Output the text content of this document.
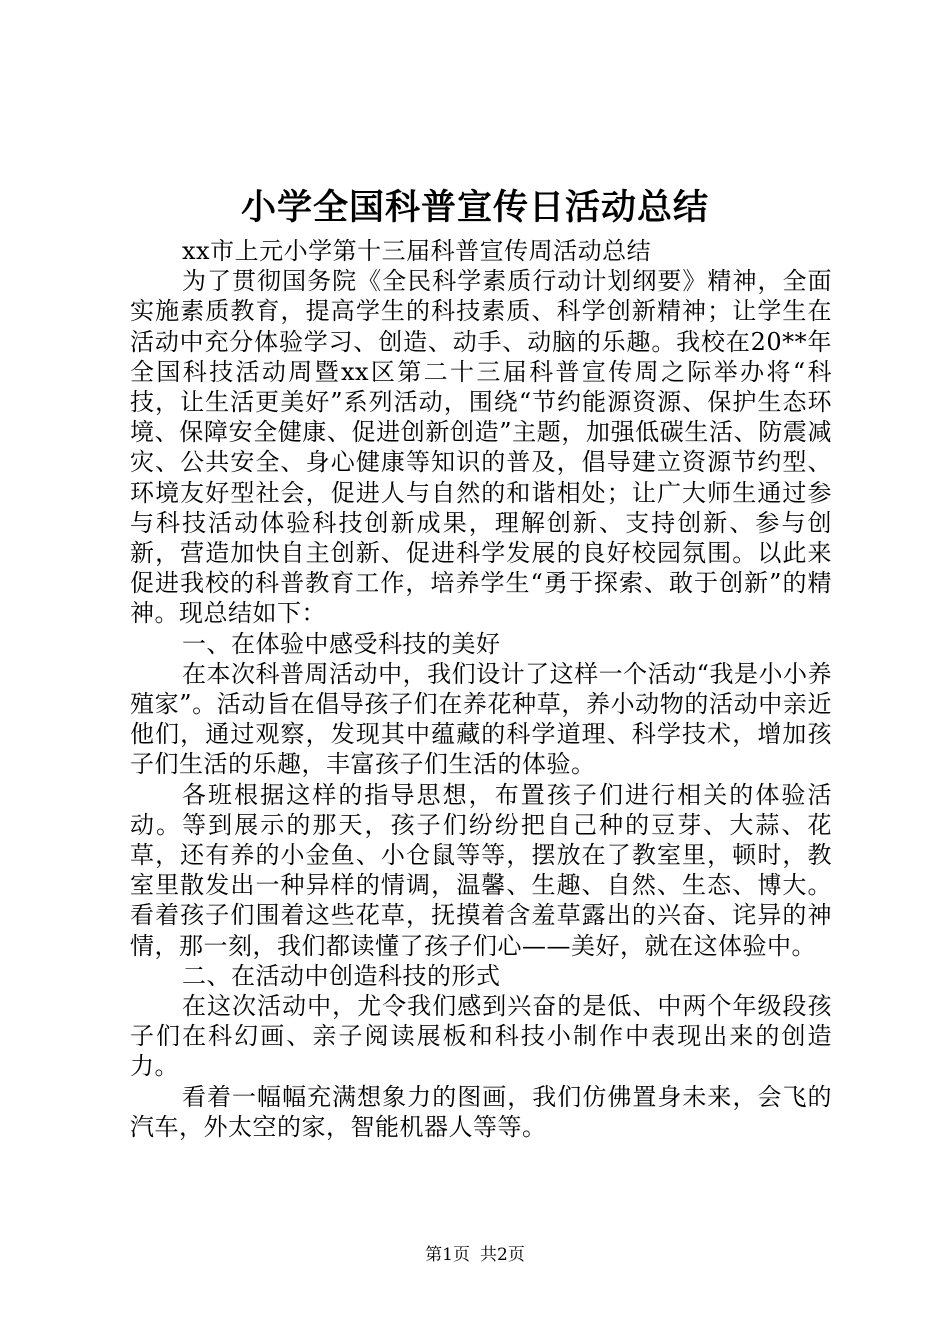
小学全国科普宣传日活动总结

xx市上元小学第十三届科普宣传周活动总结

为了贯彻国务院《全民科学素质行动计划纲要》精神，全面实施素质教育，提高学生的科技素质、科学创新精神；让学生在活动中充分体验学习、创造、动手、动脑的乐趣。我校在20**年全国科技活动周暨xx区第二十三届科普宣传周之际举办将“科技，让生活更美好”系列活动，围绕“节约能源资源、保护生态环境、保障安全健康、促进创新创造”主题，加强低碳生活、防震减灾、公共安全、身心健康等知识的普及，倡导建立资源节约型、环境友好型社会，促进人与自然的和谐相处；让广大师生通过参与科技活动体验科技创新成果，理解创新、支持创新、参与创新，营造加快自主创新、促进科学发展的良好校园氛围。以此来促进我校的科普教育工作，培养学生“勇于探索、敢于创新”的精神。现总结如下：

一、在体验中感受科技的美好

在本次科普周活动中，我们设计了这样一个活动“我是小小养殖家”。活动旨在倡导孩子们在养花种草，养小动物的活动中亲近他们，通过观察，发现其中蕴藏的科学道理、科学技术，增加孩子们生活的乐趣，丰富孩子们生活的体验。

各班根据这样的指导思想，布置孩子们进行相关的体验活动。等到展示的那天，孩子们纷纷把自己种的豆芽、大蒜、花草，还有养的小金鱼、小仓鼠等等，摆放在了教室里，顿时，教室里散发出一种异样的情调，温馨、生趣、自然、生态、博大。看着孩子们围着这些花草，抚摸着含羞草露出的兴奋、诧异的神情，那一刻，我们都读懂了孩子们心——美好，就在这体验中。

二、在活动中创造科技的形式

在这次活动中，尤令我们感到兴奋的是低、中两个年级段孩子们在科幻画、亲子阅读展板和科技小制作中表现出来的创造力。

看着一幅幅充满想象力的图画，我们仿佛置身未来，会飞的汽车，外太空的家，智能机器人等等。

第1页 共2页
